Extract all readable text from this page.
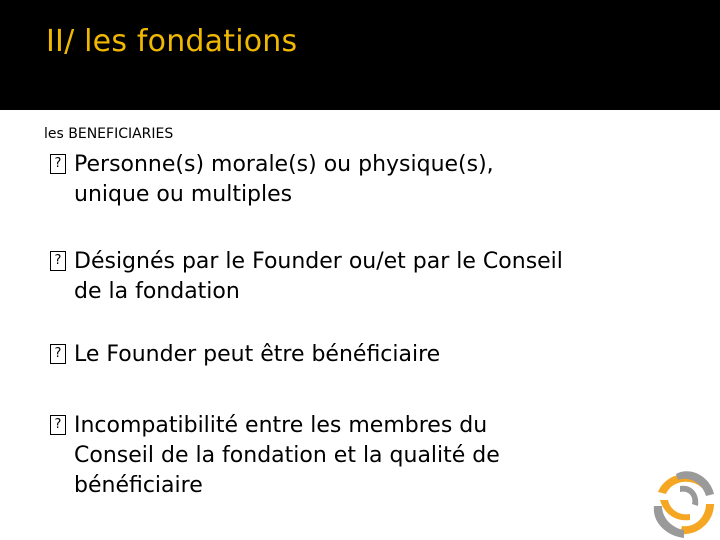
II/ les fondations
les BENEFICIARIES
? Personne(s) morale(s) ou physique(s), unique ou multiples
? Désignés par le Founder ou/et par le Conseil de la fondation
? Le Founder peut être bénéficiaire
? Incompatibilité entre les membres du Conseil de la fondation et la qualité de bénéficiaire
